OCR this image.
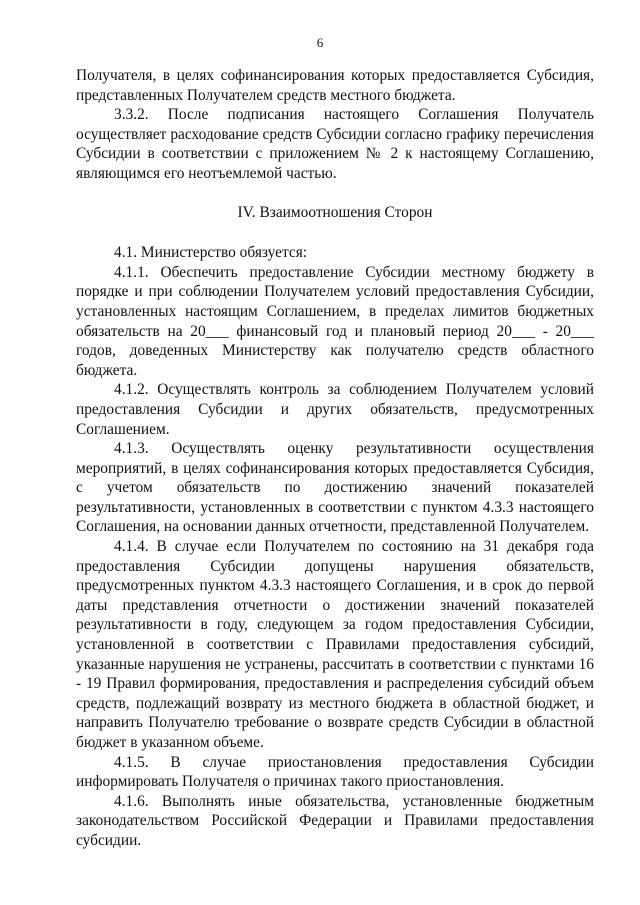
6

Получателя, в целях софинансирования которых предоставляется Субсидия, представленных Получателем средств местного бюджета.

3.3.2. После подписания настоящего Соглашения Получатель осуществляет расходование средств Субсидии согласно графику перечисления Субсидии в соответствии с приложением № 2 к настоящему Соглашению, являющимся его неотъемлемой частью.

IV. Взаимоотношения Сторон

4.1. Министерство обязуется:

4.1.1. Обеспечить предоставление Субсидии местному бюджету в порядке и при соблюдении Получателем условий предоставления Субсидии, установленных настоящим Соглашением, в пределах лимитов бюджетных обязательств на 20___ финансовый год и плановый период 20___ - 20___ годов, доведенных Министерству как получателю средств областного бюджета.

4.1.2. Осуществлять контроль за соблюдением Получателем условий предоставления Субсидии и других обязательств, предусмотренных Соглашением.

4.1.3. Осуществлять оценку результативности осуществления мероприятий, в целях софинансирования которых предоставляется Субсидия, с учетом обязательств по достижению значений показателей результативности, установленных в соответствии с пунктом 4.3.3 настоящего Соглашения, на основании данных отчетности, представленной Получателем.

4.1.4. В случае если Получателем по состоянию на 31 декабря года предоставления Субсидии допущены нарушения обязательств, предусмотренных пунктом 4.3.3 настоящего Соглашения, и в срок до первой даты представления отчетности о достижении значений показателей результативности в году, следующем за годом предоставления Субсидии, установленной в соответствии с Правилами предоставления субсидий, указанные нарушения не устранены, рассчитать в соответствии с пунктами 16 - 19 Правил формирования, предоставления и распределения субсидий объем средств, подлежащий возврату из местного бюджета в областной бюджет, и направить Получателю требование о возврате средств Субсидии в областной бюджет в указанном объеме.

4.1.5. В случае приостановления предоставления Субсидии информировать Получателя о причинах такого приостановления.

4.1.6. Выполнять иные обязательства, установленные бюджетным законодательством Российской Федерации и Правилами предоставления субсидии.
